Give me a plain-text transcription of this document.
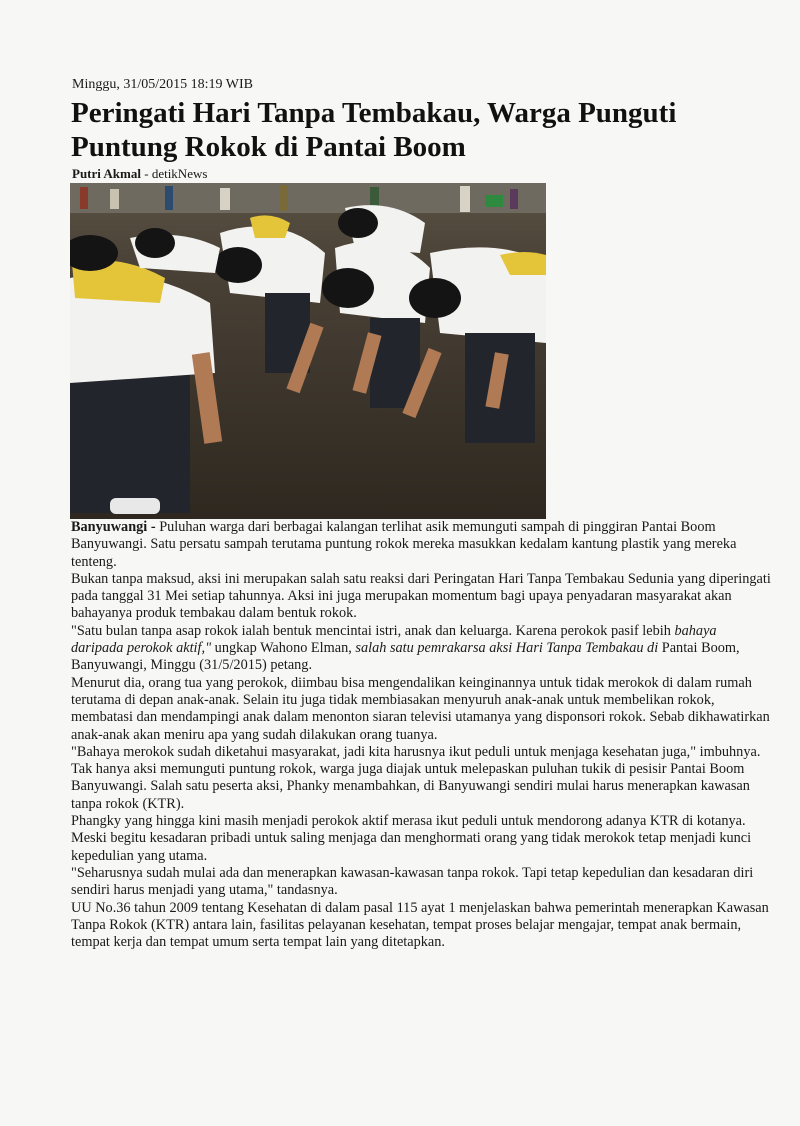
Minggu, 31/05/2015 18:19 WIB
Peringati Hari Tanpa Tembakau, Warga Punguti Puntung Rokok di Pantai Boom
Putri Akmal - detikNews

Banyuwangi - Puluhan warga dari berbagai kalangan terlihat asik memunguti sampah di pinggiran Pantai Boom Banyuwangi. Satu persatu sampah terutama puntung rokok mereka masukkan kedalam kantung plastik yang mereka tenteng.

Bukan tanpa maksud, aksi ini merupakan salah satu reaksi dari Peringatan Hari Tanpa Tembakau Sedunia yang diperingati pada tanggal 31 Mei setiap tahunnya. Aksi ini juga merupakan momentum bagi upaya penyadaran masyarakat akan bahayanya produk tembakau dalam bentuk rokok.

"Satu bulan tanpa asap rokok ialah bentuk mencintai istri, anak dan keluarga. Karena perokok pasif lebih bahaya daripada perokok aktif," ungkap Wahono Elman, salah satu pemrakarsa aksi Hari Tanpa Tembakau di Pantai Boom, Banyuwangi, Minggu (31/5/2015) petang.

Menurut dia, orang tua yang perokok, diimbau bisa mengendalikan keinginannya untuk tidak merokok di dalam rumah terutama di depan anak-anak. Selain itu juga tidak membiasakan menyuruh anak-anak untuk membelikan rokok, membatasi dan mendampingi anak dalam menonton siaran televisi utamanya yang disponsori rokok. Sebab dikhawatirkan anak-anak akan meniru apa yang sudah dilakukan orang tuanya.

"Bahaya merokok sudah diketahui masyarakat, jadi kita harusnya ikut peduli untuk menjaga kesehatan juga," imbuhnya.

Tak hanya aksi memunguti puntung rokok, warga juga diajak untuk melepaskan puluhan tukik di pesisir Pantai Boom Banyuwangi. Salah satu peserta aksi, Phanky menambahkan, di Banyuwangi sendiri mulai harus menerapkan kawasan tanpa rokok (KTR).

Phangky yang hingga kini masih menjadi perokok aktif merasa ikut peduli untuk mendorong adanya KTR di kotanya. Meski begitu kesadaran pribadi untuk saling menjaga dan menghormati orang yang tidak merokok tetap menjadi kunci kepedulian yang utama.

"Seharusnya sudah mulai ada dan menerapkan kawasan-kawasan tanpa rokok. Tapi tetap kepedulian dan kesadaran diri sendiri harus menjadi yang utama," tandasnya.

UU No.36 tahun 2009 tentang Kesehatan di dalam pasal 115 ayat 1 menjelaskan bahwa pemerintah menerapkan Kawasan Tanpa Rokok (KTR) antara lain, fasilitas pelayanan kesehatan, tempat proses belajar mengajar, tempat anak bermain, tempat kerja dan tempat umum serta tempat lain yang ditetapkan.
